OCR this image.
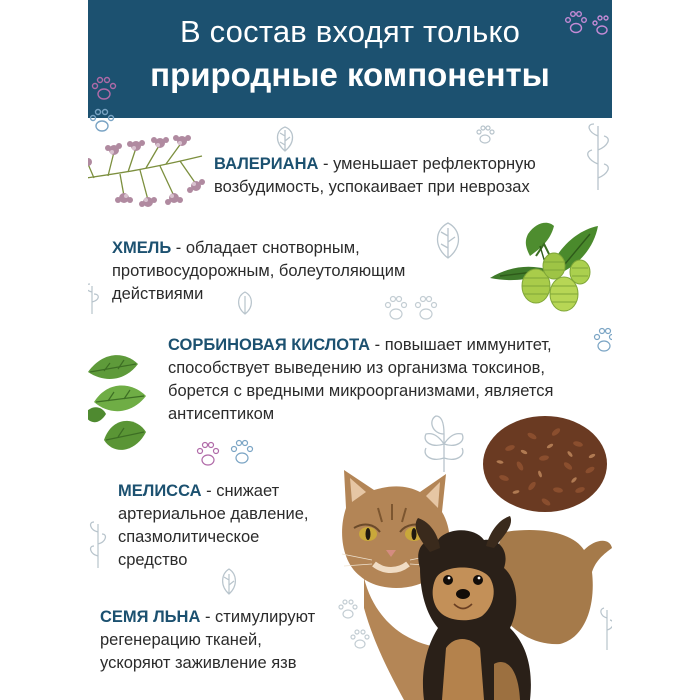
В состав входят только
природные компоненты

ВАЛЕРИАНА - уменьшает рефлекторную
возбудимость, успокаивает при неврозах

ХМЕЛЬ - обладает снотворным,
противосудорожным, болеутоляющим
действиями

СОРБИНОВАЯ КИСЛОТА - повышает иммунитет,
способствует выведению из организма токсинов,
борется с вредными микроорганизмами, является
антисептиком

МЕЛИССА - снижает
артериальное давление,
спазмолитическое
средство

СЕМЯ ЛЬНА - стимулируют
регенерацию тканей,
ускоряют заживление язв
